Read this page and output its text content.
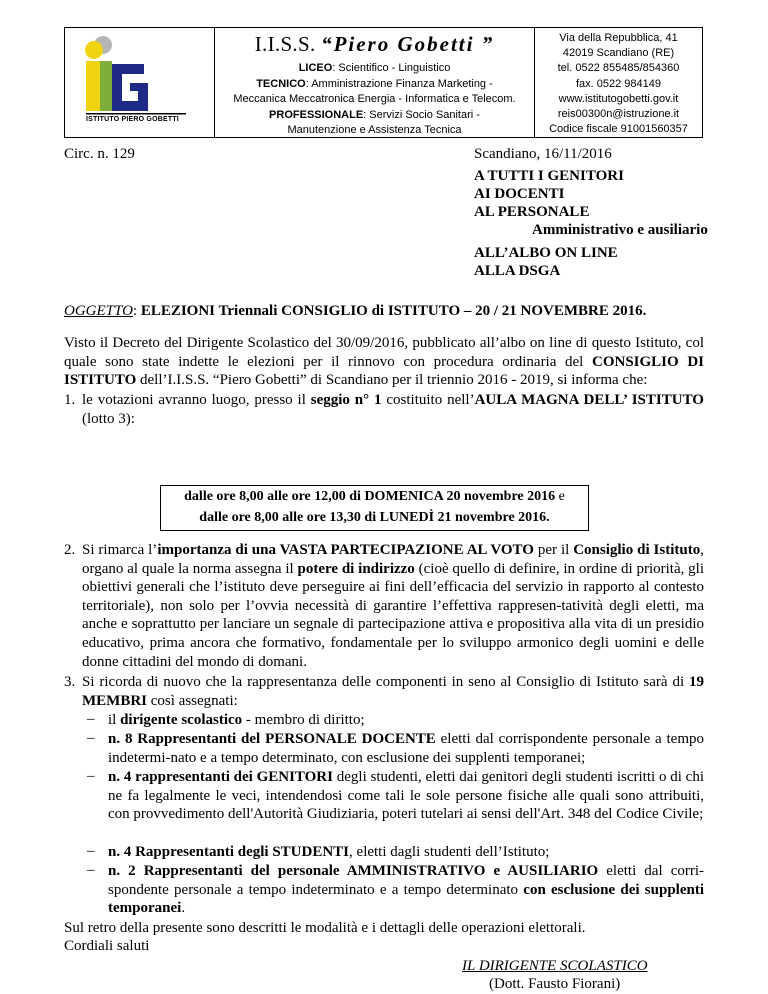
ISTITUTO PIERO GOBETTI
I.I.S.S. “Piero Gobetti ”
LICEO: Scientifico - Linguistico
TECNICO: Amministrazione Finanza Marketing -
Meccanica Meccatronica Energia - Informatica e Telecom.
PROFESSIONALE: Servizi Socio Sanitari -
Manutenzione e Assistenza Tecnica
Via della Repubblica, 41
42019 Scandiano (RE)
tel. 0522 855485/854360
fax. 0522 984149
www.istitutogobetti.gov.it
reis00300n@istruzione.it
Codice fiscale 91001560357
Circ. n. 129	Scandiano, 16/11/2016
A TUTTI I GENITORI
AI DOCENTI
AL PERSONALE
Amministrativo e ausiliario
ALL’ALBO ON LINE
ALLA DSGA
OGGETTO: ELEZIONI Triennali CONSIGLIO di ISTITUTO – 20 / 21 NOVEMBRE 2016.
Visto il Decreto del Dirigente Scolastico del 30/09/2016, pubblicato all’albo on line di questo Istituto, col quale sono state indette le elezioni per il rinnovo con procedura ordinaria del CONSIGLIO DI ISTITUTO dell’I.I.S.S. “Piero Gobetti” di Scandiano per il triennio 2016 - 2019, si informa che:
1. le votazioni avranno luogo, presso il seggio n° 1 costituito nell’AULA MAGNA DELL’ ISTITUTO (lotto 3):
dalle ore 8,00 alle ore 12,00 di DOMENICA 20 novembre 2016 e
dalle ore 8,00 alle ore 13,30 di LUNEDÌ 21 novembre 2016.
2. Si rimarca l’importanza di una VASTA PARTECIPAZIONE AL VOTO per il Consiglio di Istituto, organo al quale la norma assegna il potere di indirizzo (cioè quello di definire, in ordine di priorità, gli obiettivi generali che l’istituto deve perseguire ai fini dell’efficacia del servizio in rapporto al contesto territoriale), non solo per l’ovvia necessità di garantire l’effettiva rappresen-tatività degli eletti, ma anche e soprattutto per lanciare un segnale di partecipazione attiva e propositiva alla vita di un presidio educativo, prima ancora che formativo, fondamentale per lo sviluppo armonico degli uomini e delle donne cittadini del mondo di domani.
3. Si ricorda di nuovo che la rappresentanza delle componenti in seno al Consiglio di Istituto sarà di 19 MEMBRI così assegnati:
– il dirigente scolastico - membro di diritto;
– n. 8 Rappresentanti del PERSONALE DOCENTE eletti dal corrispondente personale a tempo indetermi-nato e a tempo determinato, con esclusione dei supplenti temporanei;
– n. 4 rappresentanti dei GENITORI degli studenti, eletti dai genitori degli studenti iscritti o di chi ne fa legalmente le veci, intendendosi come tali le sole persone fisiche alle quali sono attribuiti, con provvedimento dell'Autorità Giudiziaria, poteri tutelari ai sensi dell'Art. 348 del Codice Civile;
– n. 4 Rappresentanti degli STUDENTI, eletti dagli studenti dell’Istituto;
– n. 2 Rappresentanti del personale AMMINISTRATIVO e AUSILIARIO eletti dal corri-spondente personale a tempo indeterminato e a tempo determinato con esclusione dei supplenti temporanei.
Sul retro della presente sono descritti le modalità e i dettagli delle operazioni elettorali.
Cordiali saluti
IL DIRIGENTE SCOLASTICO
(Dott. Fausto Fiorani)
